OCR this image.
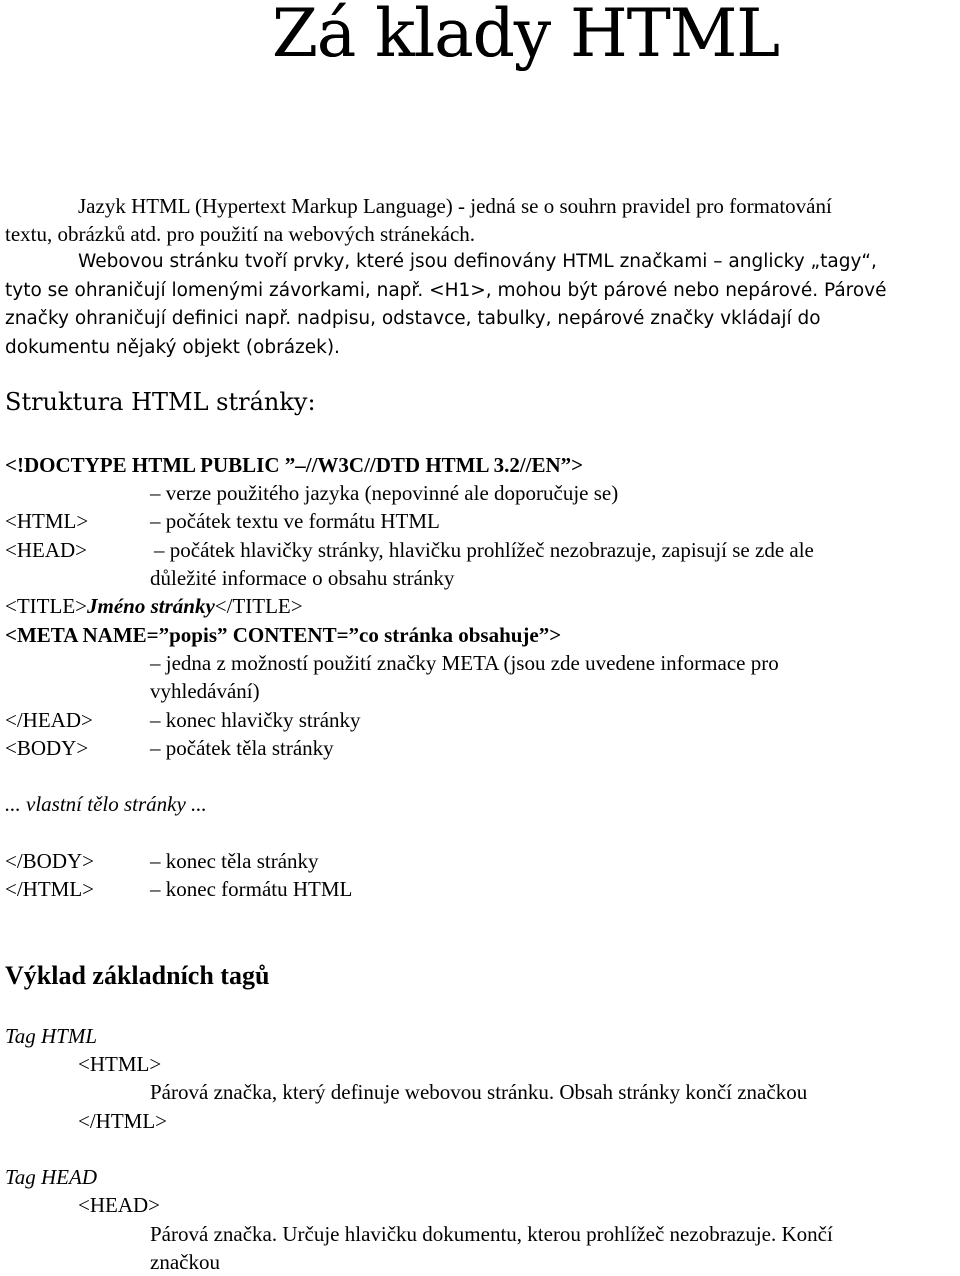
Zá klady HTML
Jazyk HTML (Hypertext Markup Language) - jedná se o souhrn pravidel pro formatování
textu, obrázků atd. pro použití na webových stránekách.
Webovou stránku tvoří prvky, které jsou definovány HTML značkami – anglicky „tagy“,
tyto se ohraničují lomenými závorkami, např. <H1>, mohou být párové nebo nepárové. Párové
značky ohraničují definici např. nadpisu, odstavce, tabulky, nepárové značky vkládají do
dokumentu nějaký objekt (obrázek).
Struktura HTML stránky:
<!DOCTYPE HTML PUBLIC ”–//W3C//DTD HTML 3.2//EN”>
– verze použitého jazyka (nepovinné ale doporučuje se)
<HTML>	– počátek textu ve formátu HTML
<HEAD>	– počátek hlavičky stránky, hlavičku prohlížeč nezobrazuje, zapisují se zde ale
důležité informace o obsahu stránky
<TITLE>Jméno stránky</TITLE>
<META NAME=”popis” CONTENT=”co stránka obsahuje”>
– jedna z možností použití značky META (jsou zde uvedene informace pro
vyhledávání)
</HEAD>	– konec hlavičky stránky
<BODY>	– počátek těla stránky
... vlastní tělo stránky ...
</BODY>	– konec těla stránky
</HTML>	– konec formátu HTML
Výklad základních tagů
Tag HTML
<HTML>
Párová značka, který definuje webovou stránku. Obsah stránky končí značkou
</HTML>
Tag HEAD
<HEAD>
Párová značka. Určuje hlavičku dokumentu, kterou prohlížeč nezobrazuje. Končí
značkou
